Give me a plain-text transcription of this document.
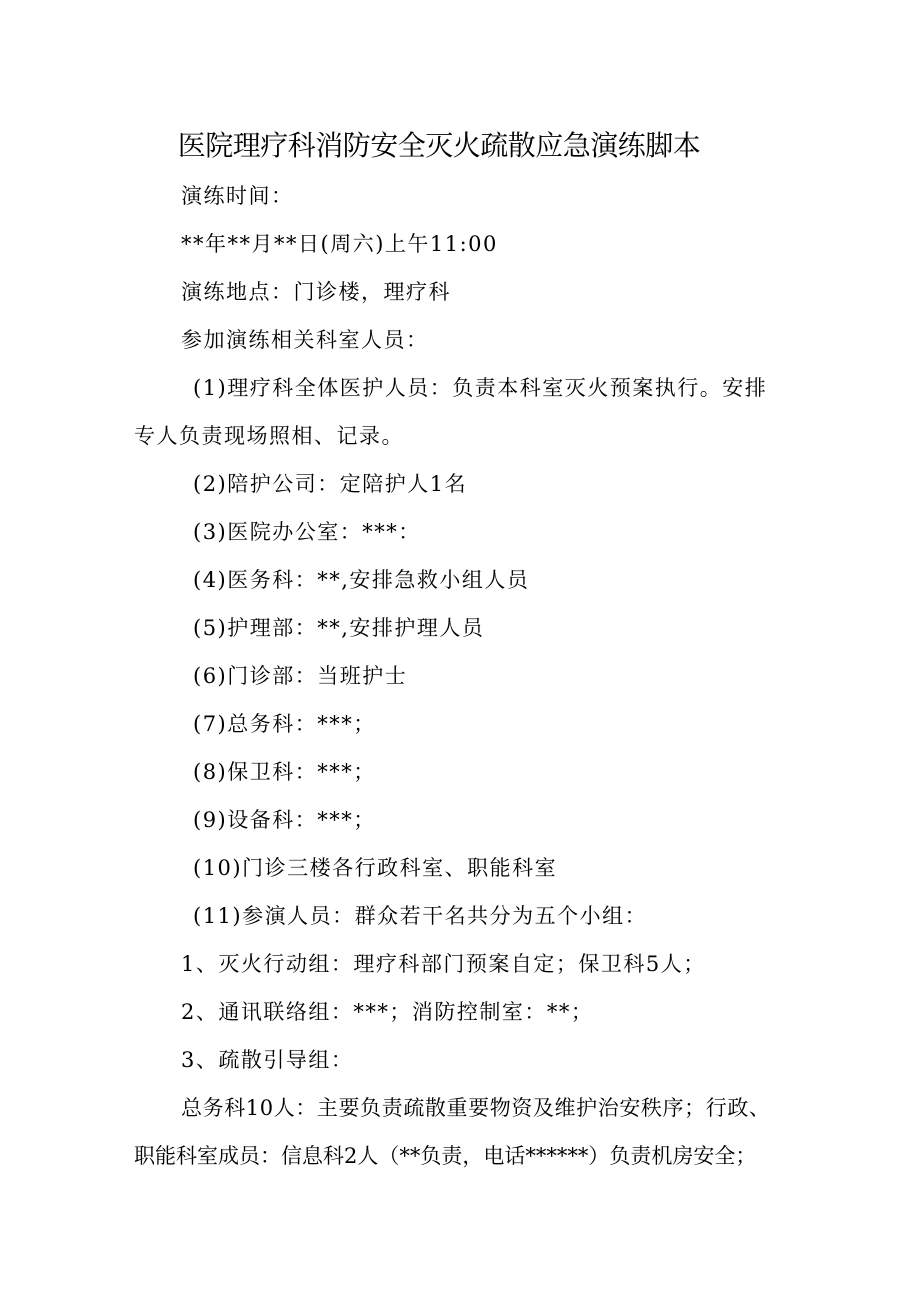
医院理疗科消防安全灭火疏散应急演练脚本
演练时间：
**年**月**日(周六)上午11:00
演练地点：门诊楼，理疗科
参加演练相关科室人员：
(1)理疗科全体医护人员：负责本科室灭火预案执行。安排
专人负责现场照相、记录。
(2)陪护公司：定陪护人1名
(3)医院办公室：***：
(4)医务科：**,安排急救小组人员
(5)护理部：**,安排护理人员
(6)门诊部：当班护士
(7)总务科：***；
(8)保卫科：***；
(9)设备科：***；
(10)门诊三楼各行政科室、职能科室
(11)参演人员：群众若干名共分为五个小组：
1、灭火行动组：理疗科部门预案自定；保卫科5人；
2、通讯联络组：***；消防控制室：**；
3、疏散引导组：
总务科10人：主要负责疏散重要物资及维护治安秩序；行政、
职能科室成员：信息科2人（**负责，电话******）负责机房安全；
